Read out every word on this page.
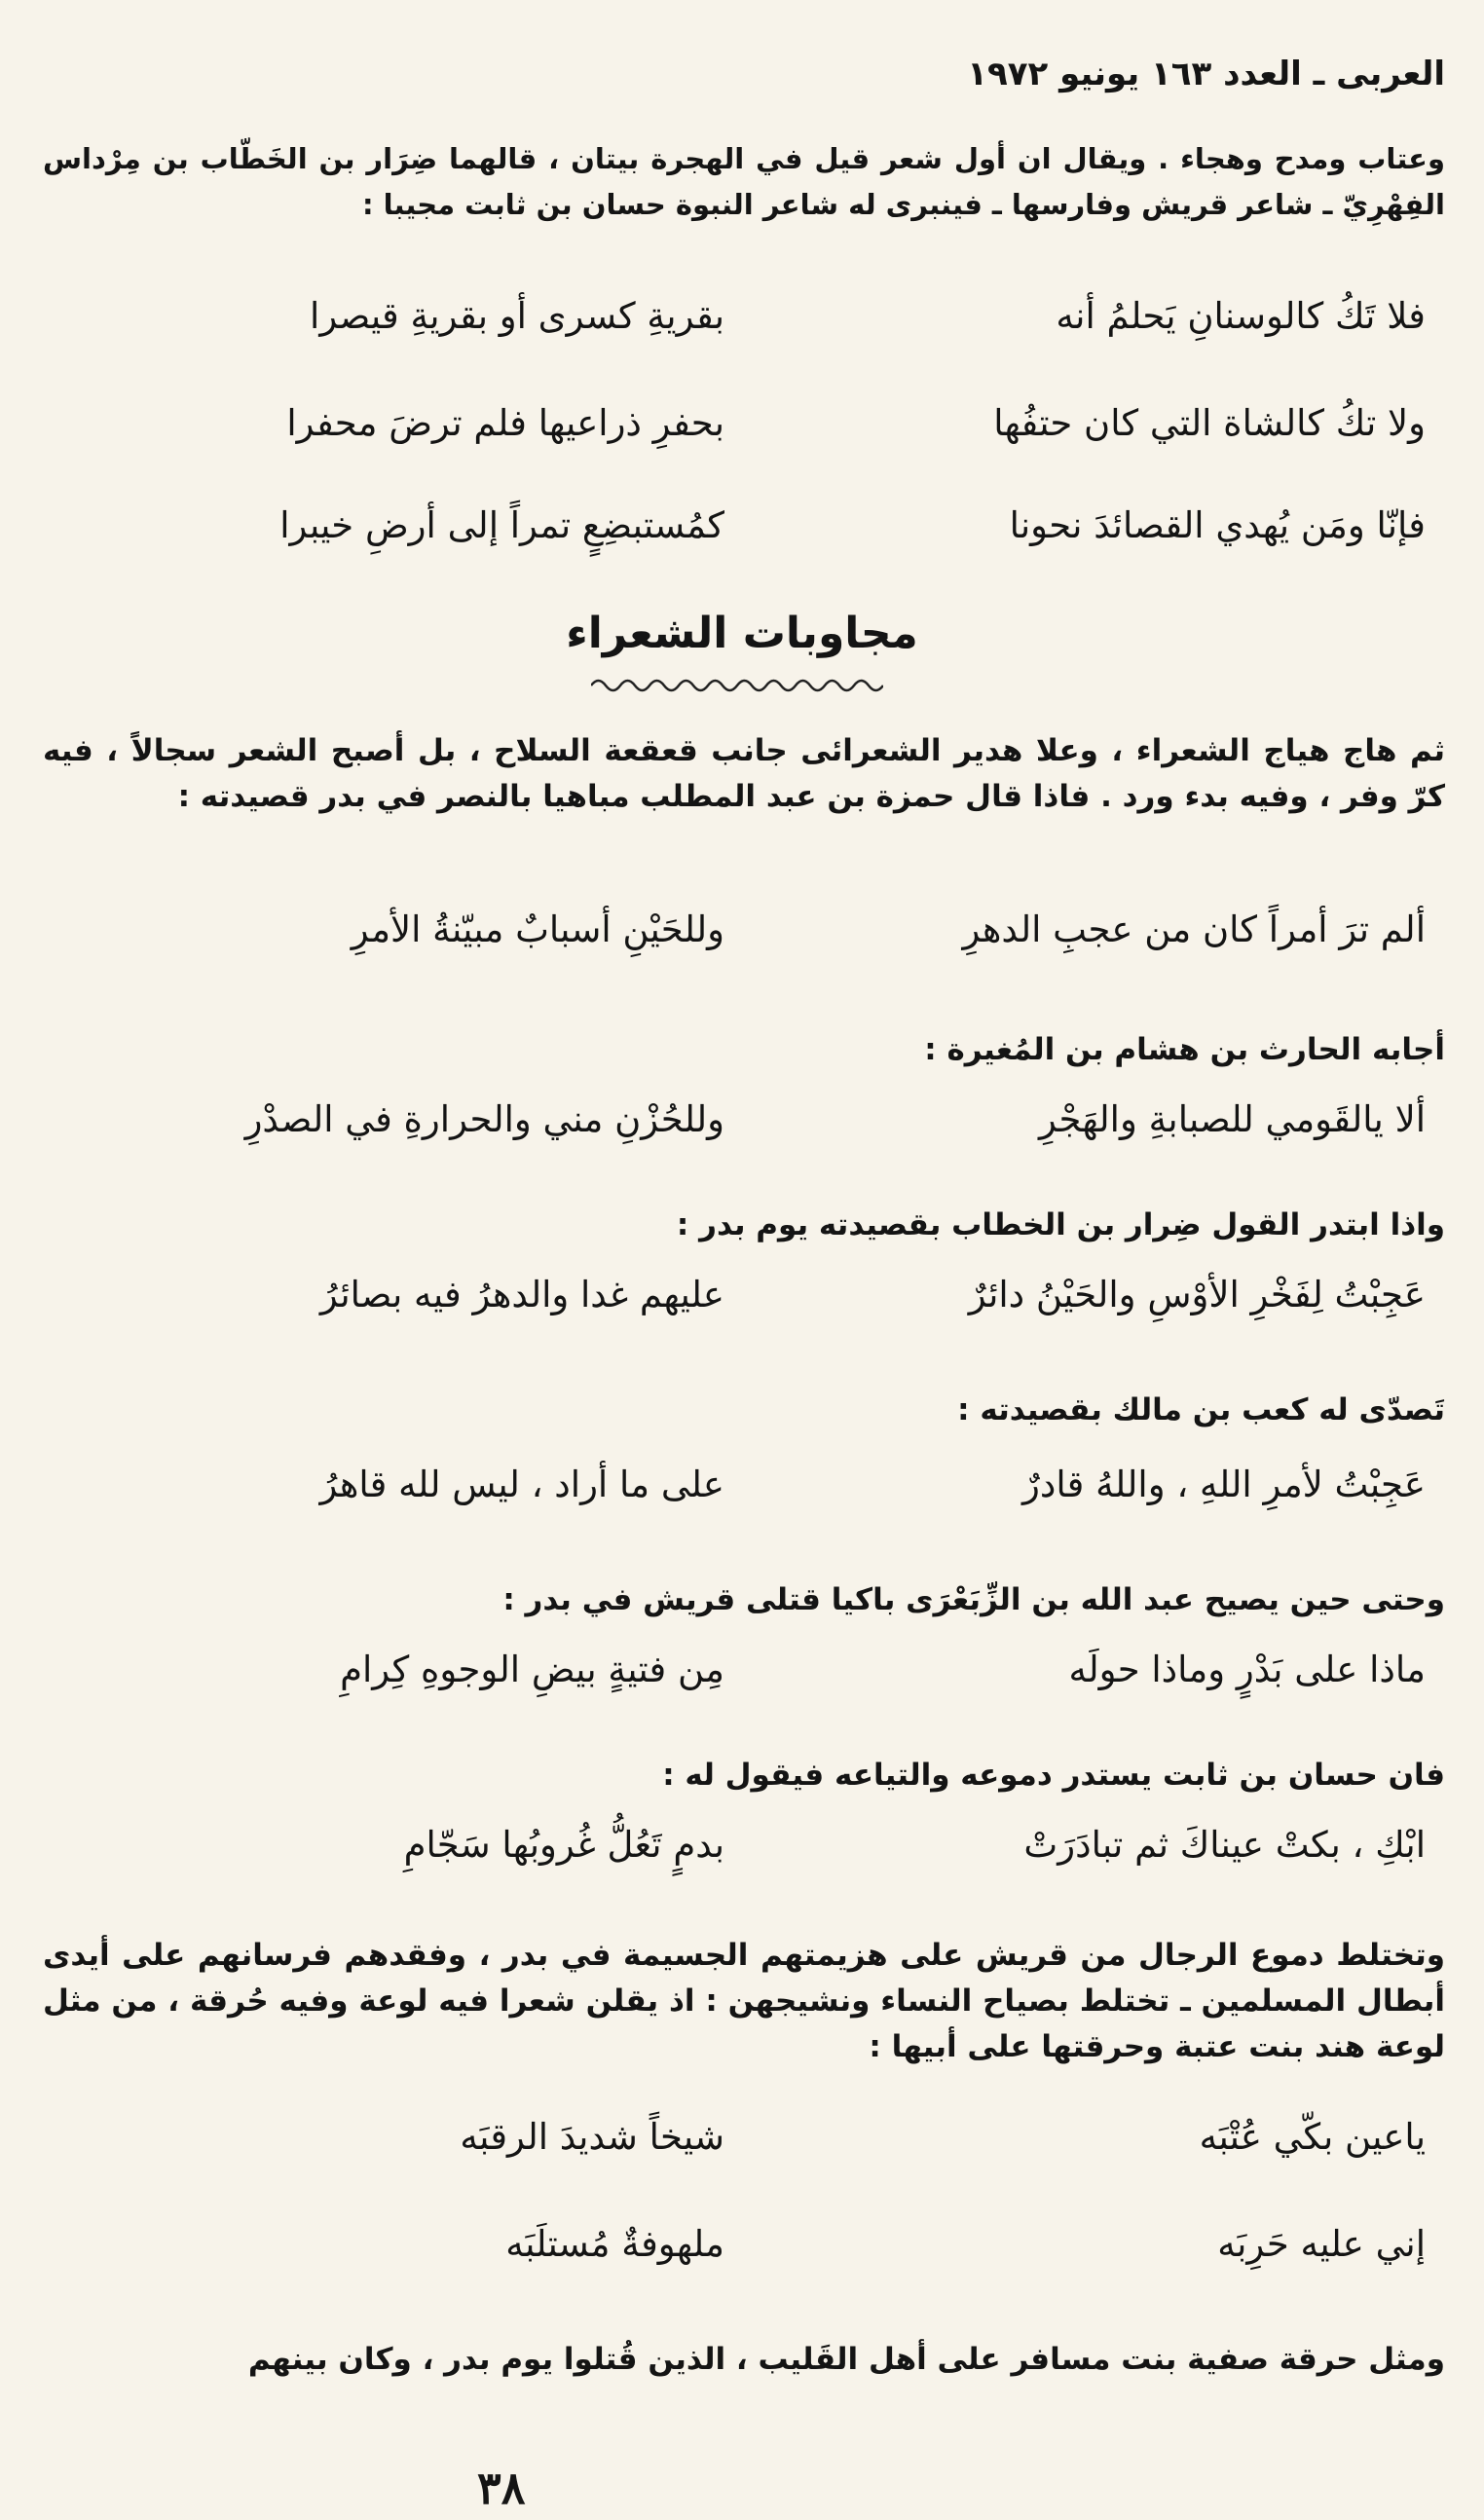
العربى ـ العدد ١٦٣ يونيو ١٩٧٢
وعتاب ومدح وهجاء . ويقال ان أول شعر قيل في الهجرة بيتان ، قالهما ضِرَار بن الخَطّاب بن مِرْداس الفِهْرِيّ ـ شاعر قريش وفارسها ـ فينبرى له شاعر النبوة حسان بن ثابت مجيبا :
فلا تَكُ كالوسنانِ يَحلمُ أنه
بقريةِ كسرى أو بقريةِ قيصرا
ولا تكُ كالشاة التي كان حتفُها
بحفرِ ذراعيها فلم ترضَ محفرا
فإنّا ومَن يُهدي القصائدَ نحونا
كمُستبضِعٍ تمراً إلى أرضِ خيبرا
مجاوبات الشعراء
ثم هاج هياج الشعراء ، وعلا هدير الشعرائى جانب قعقعة السلاح ، بل أصبح الشعر سجالاً ، فيه كرّ وفر ، وفيه بدء ورد . فاذا قال حمزة بن عبد المطلب مباهيا بالنصر في بدر قصيدته :
ألم ترَ أمراً كان من عجبِ الدهرِ
وللحَيْنِ أسبابٌ مبيّنةُ الأمرِ
أجابه الحارث بن هشام بن المُغيرة :
ألا يالقَومي للصبابةِ والهَجْرِ
وللحُزْنِ مني والحرارةِ في الصدْرِ
واذا ابتدر القول ضِرار بن الخطاب بقصيدته يوم بدر :
عَجِبْتُ لِفَخْرِ الأوْسِ والحَيْنُ دائرٌ
عليهم غدا والدهرُ فيه بصائرُ
تَصدّى له كعب بن مالك بقصيدته :
عَجِبْتُ لأمرِ اللهِ ، واللهُ قادرٌ
على ما أراد ، ليس لله قاهرُ
وحتى حين يصيح عبد الله بن الزِّبَعْرَى باكيا قتلى قريش في بدر :
ماذا على بَدْرٍ وماذا حولَه
مِن فتيةٍ بيضِ الوجوهِ كِرامِ
فان حسان بن ثابت يستدر دموعه والتياعه فيقول له :
ابْكِ ، بكتْ عيناكَ ثم تبادَرَتْ
بدمٍ تَعُلُّ غُروبُها سَجّامِ
وتختلط دموع الرجال من قريش على هزيمتهم الجسيمة في بدر ، وفقدهم فرسانهم على أيدى أبطال المسلمين ـ تختلط بصياح النساء ونشيجهن : اذ يقلن شعرا فيه لوعة وفيه حُرقة ، من مثل لوعة هند بنت عتبة وحرقتها على أبيها :
ياعين بكّي عُتْبَه
شيخاً شديدَ الرقبَه
إني عليه حَرِبَه
ملهوفةٌ مُستلَبَه
ومثل حرقة صفية بنت مسافر على أهل القَليب ، الذين قُتلوا يوم بدر ، وكان بينهم
٣٨
